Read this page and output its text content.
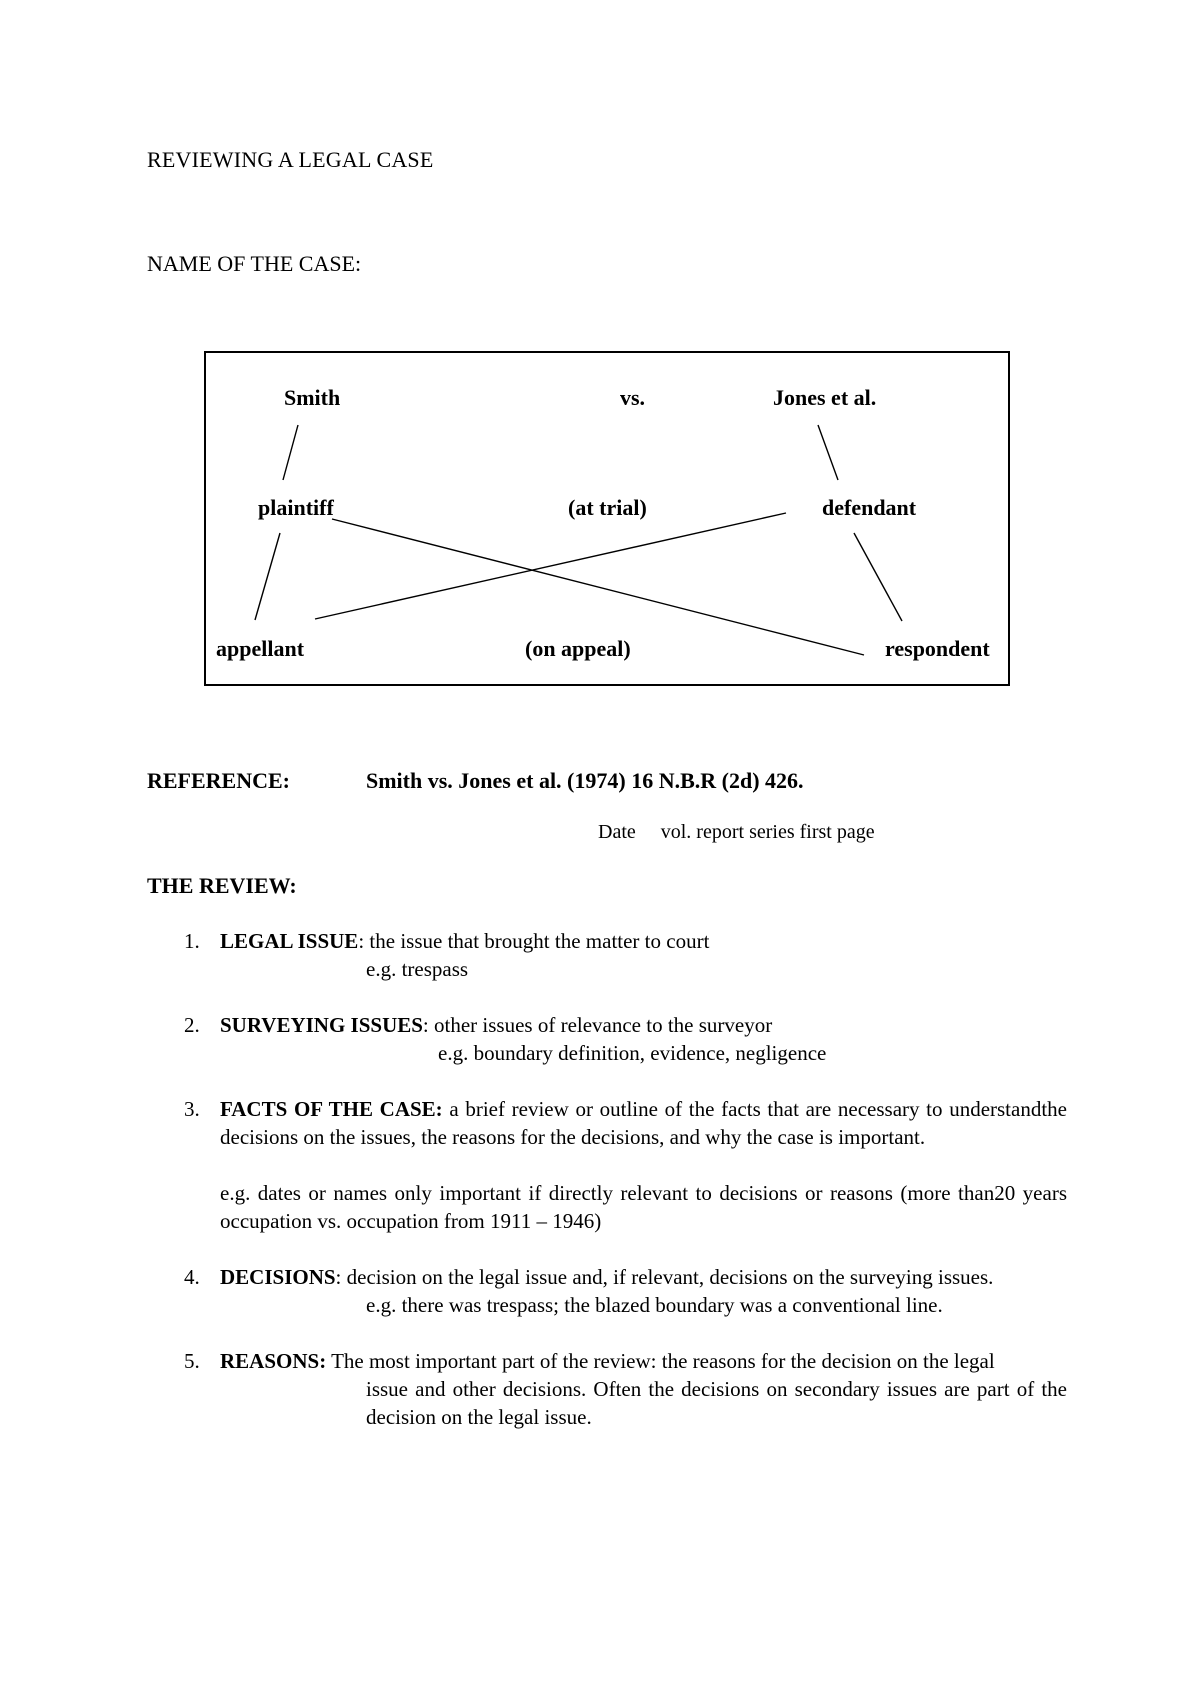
REVIEWING A LEGAL CASE
NAME OF THE CASE:
Smith	vs.	Jones et al.
plaintiff	(at trial)	defendant
appellant	(on appeal)	respondent
REFERENCE:	Smith vs. Jones et al. (1974) 16 N.B.R (2d) 426.
Date     vol. report series first page
THE REVIEW:
1. LEGAL ISSUE: the issue that brought the matter to court
e.g. trespass
2. SURVEYING ISSUES: other issues of relevance to the surveyor
e.g. boundary definition, evidence, negligence
3. FACTS OF THE CASE: a brief review or outline of the facts that are necessary to understandthe decisions on the issues, the reasons for the decisions, and why the case is important.
e.g. dates or names only important if directly relevant to decisions or reasons (more than20 years occupation vs. occupation from 1911 – 1946)
4. DECISIONS: decision on the legal issue and, if relevant, decisions on the surveying issues.
e.g. there was trespass; the blazed boundary was a conventional line.
5. REASONS: The most important part of the review: the reasons for the decision on the legal
issue and other decisions. Often the decisions on secondary issues are part of the decision on the legal issue.
